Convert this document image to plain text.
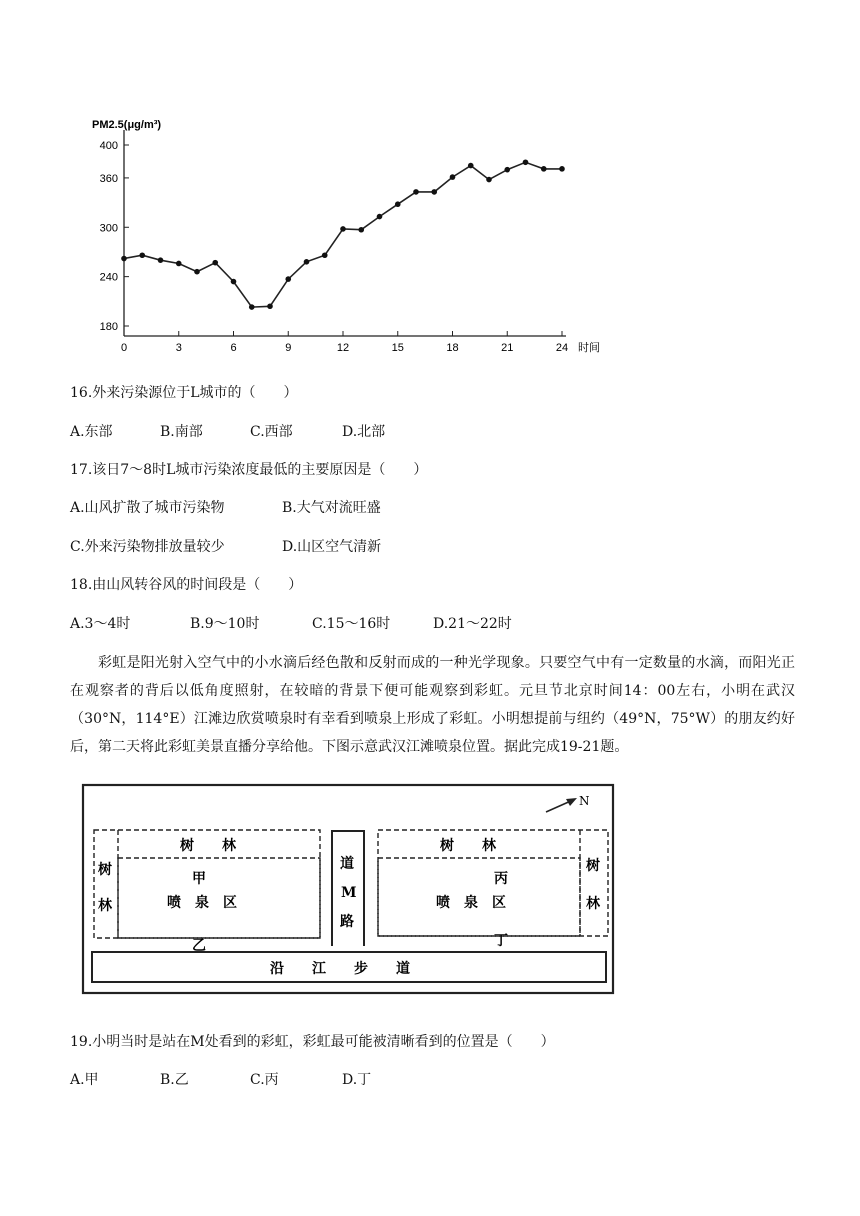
PM2.5(μg/m³)
时间
180
240
300
360
400
0	3	6	9	12	15	18	21	24
16.外来污染源位于L城市的（　　）
A.东部	B.南部	C.西部	D.北部
17.该日7～8时L城市污染浓度最低的主要原因是（　　）
A.山风扩散了城市污染物	B.大气对流旺盛
C.外来污染物排放量较少	D.山区空气清新
18.由山风转谷风的时间段是（　　）
A.3～4时	B.9～10时	C.15～16时	D.21～22时
彩虹是阳光射入空气中的小水滴后经色散和反射而成的一种光学现象。只要空气中有一定数量的水滴，而阳光正在观察者的背后以低角度照射，在较暗的背景下便可能观察到彩虹。元旦节北京时间14：00左右，小明在武汉（30°N，114°E）江滩边欣赏喷泉时有幸看到喷泉上形成了彩虹。小明想提前与纽约（49°N，75°W）的朋友约好后，第二天将此彩虹美景直播分享给他。下图示意武汉江滩喷泉位置。据此完成19-21题。
N
树　　林
树
林
甲
喷　泉　区
乙
道
M
路
树　　林
树
林
丙
喷　泉　区
丁
沿　　江　　步　　道
19.小明当时是站在M处看到的彩虹，彩虹最可能被清晰看到的位置是（　　）
A.甲	B.乙	C.丙	D.丁
